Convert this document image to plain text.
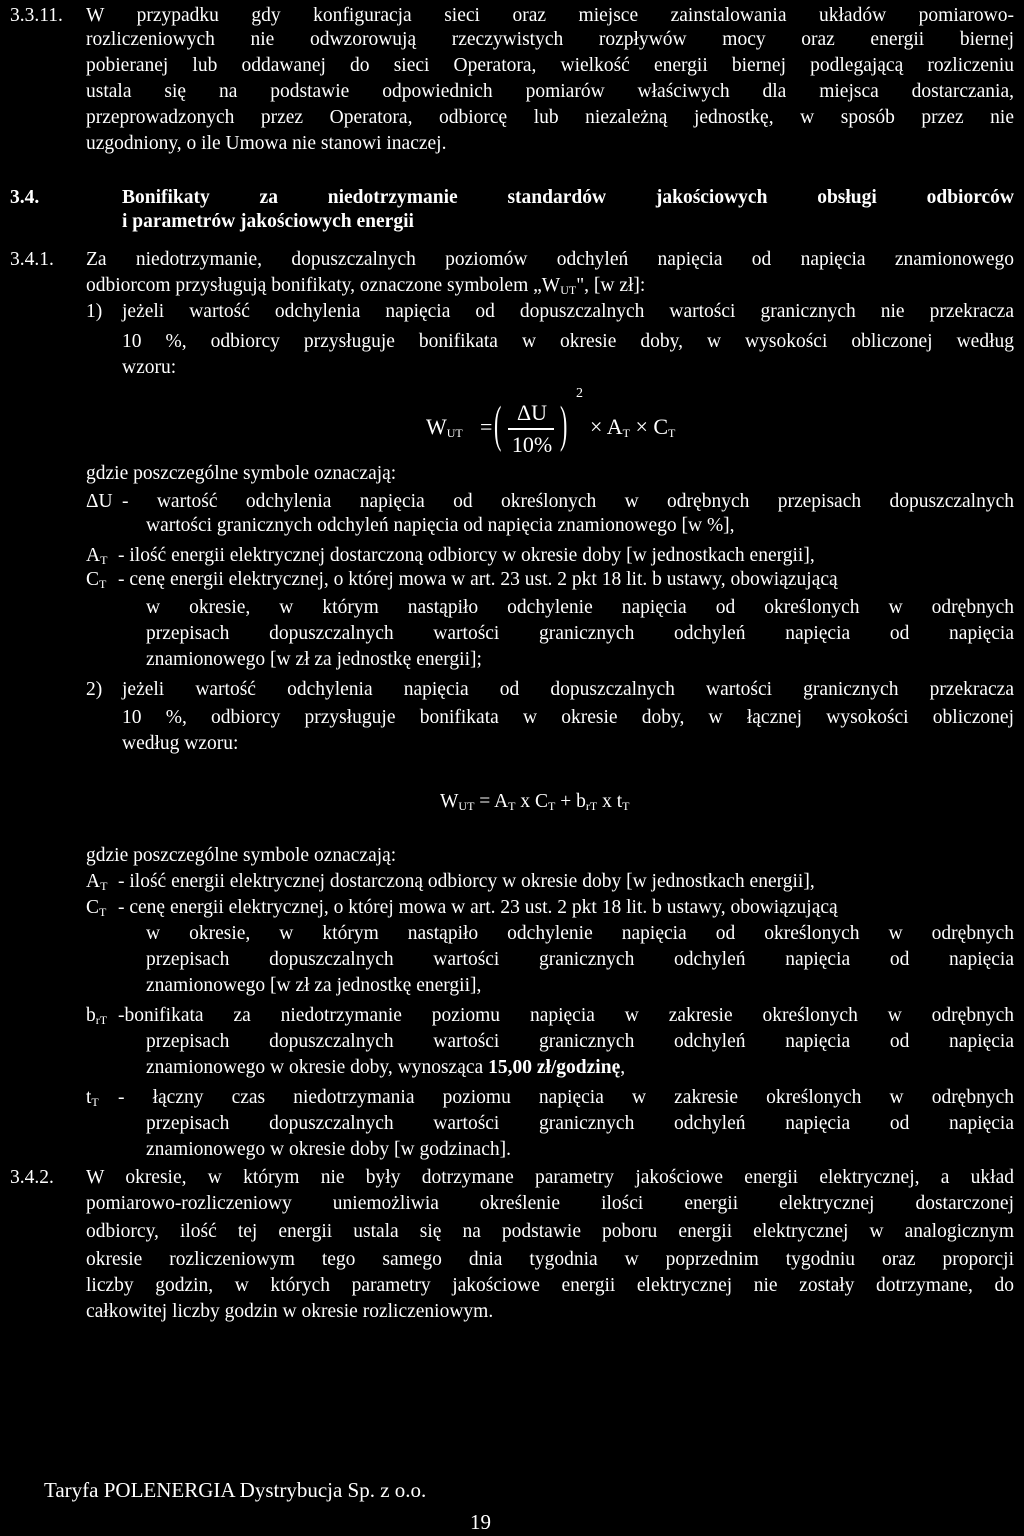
3.3.11. W przypadku gdy konfiguracja sieci oraz miejsce zainstalowania układów pomiarowo-
rozliczeniowych nie odwzorowują rzeczywistych rozpływów mocy oraz energii biernej
pobieranej lub oddawanej do sieci Operatora, wielkość energii biernej podlegającą rozliczeniu
ustala się na podstawie odpowiednich pomiarów właściwych dla miejsca dostarczania,
przeprowadzonych przez Operatora, odbiorcę lub niezależną jednostkę, w sposób przez nie
uzgodniony, o ile Umowa nie stanowi inaczej.
3.4.	Bonifikaty za niedotrzymanie standardów jakościowych obsługi odbiorców
i parametrów jakościowych energii
3.4.1. Za niedotrzymanie, dopuszczalnych poziomów odchyleń napięcia od napięcia znamionowego
odbiorcom przysługują bonifikaty, oznaczone symbolem $„W_{UT}$", [w zł]:
1) jeżeli wartość odchylenia napięcia od dopuszczalnych wartości granicznych nie przekracza
10 %, odbiorcy przysługuje bonifikata w okresie doby, w wysokości obliczonej według
wzoru:
$W_{UT}$ = ( ΔU
10% )
2
× $A_T \times C_T$
gdzie poszczególne symbole oznaczają:
ΔU - wartość odchylenia napięcia od określonych w odrębnych przepisach dopuszczalnych
wartości granicznych odchyleń napięcia od napięcia znamionowego [w %],
$A_T$ - ilość energii elektrycznej dostarczoną odbiorcy w okresie doby [w jednostkach energii],
$C_T$ - cenę energii elektrycznej, o której mowa w art. 23 ust. 2 pkt 18 lit. b ustawy, obowiązującą
w okresie, w którym nastąpiło odchylenie napięcia od określonych w odrębnych
przepisach dopuszczalnych wartości granicznych odchyleń napięcia od napięcia
znamionowego [w zł za jednostkę energii];
2) jeżeli wartość odchylenia napięcia od dopuszczalnych wartości granicznych przekracza
10 %, odbiorcy przysługuje bonifikata w okresie doby, w łącznej wysokości obliczonej
według wzoru:
$W_{UT} = A_T$ x $C_T + b_{rT}$ x $t_T$
gdzie poszczególne symbole oznaczają:
$A_T$ - ilość energii elektrycznej dostarczoną odbiorcy w okresie doby [w jednostkach energii],
$C_T$ - cenę energii elektrycznej, o której mowa w art. 23 ust. 2 pkt 18 lit. b ustawy, obowiązującą
w okresie, w którym nastąpiło odchylenie napięcia od określonych w odrębnych
przepisach dopuszczalnych wartości granicznych odchyleń napięcia od napięcia
znamionowego [w zł za jednostkę energii],
$b_{rT}$ -bonifikata za niedotrzymanie poziomu napięcia w zakresie określonych w odrębnych
przepisach dopuszczalnych wartości granicznych odchyleń napięcia od napięcia
znamionowego w okresie doby, wynosząca 15,00 zł/godzinę,
$t_T$ - łączny czas niedotrzymania poziomu napięcia w zakresie określonych w odrębnych
przepisach dopuszczalnych wartości granicznych odchyleń napięcia od napięcia
znamionowego w okresie doby [w godzinach].
3.4.2. W okresie, w którym nie były dotrzymane parametry jakościowe energii elektrycznej, a układ
pomiarowo-rozliczeniowy uniemożliwia określenie ilości energii elektrycznej dostarczonej
odbiorcy, ilość tej energii ustala się na podstawie poboru energii elektrycznej w analogicznym
okresie rozliczeniowym tego samego dnia tygodnia w poprzednim tygodniu oraz proporcji
liczby godzin, w których parametry jakościowe energii elektrycznej nie zostały dotrzymane, do
całkowitej liczby godzin w okresie rozliczeniowym.
Taryfa POLENERGIA Dystrybucja Sp. z o.o.
19
